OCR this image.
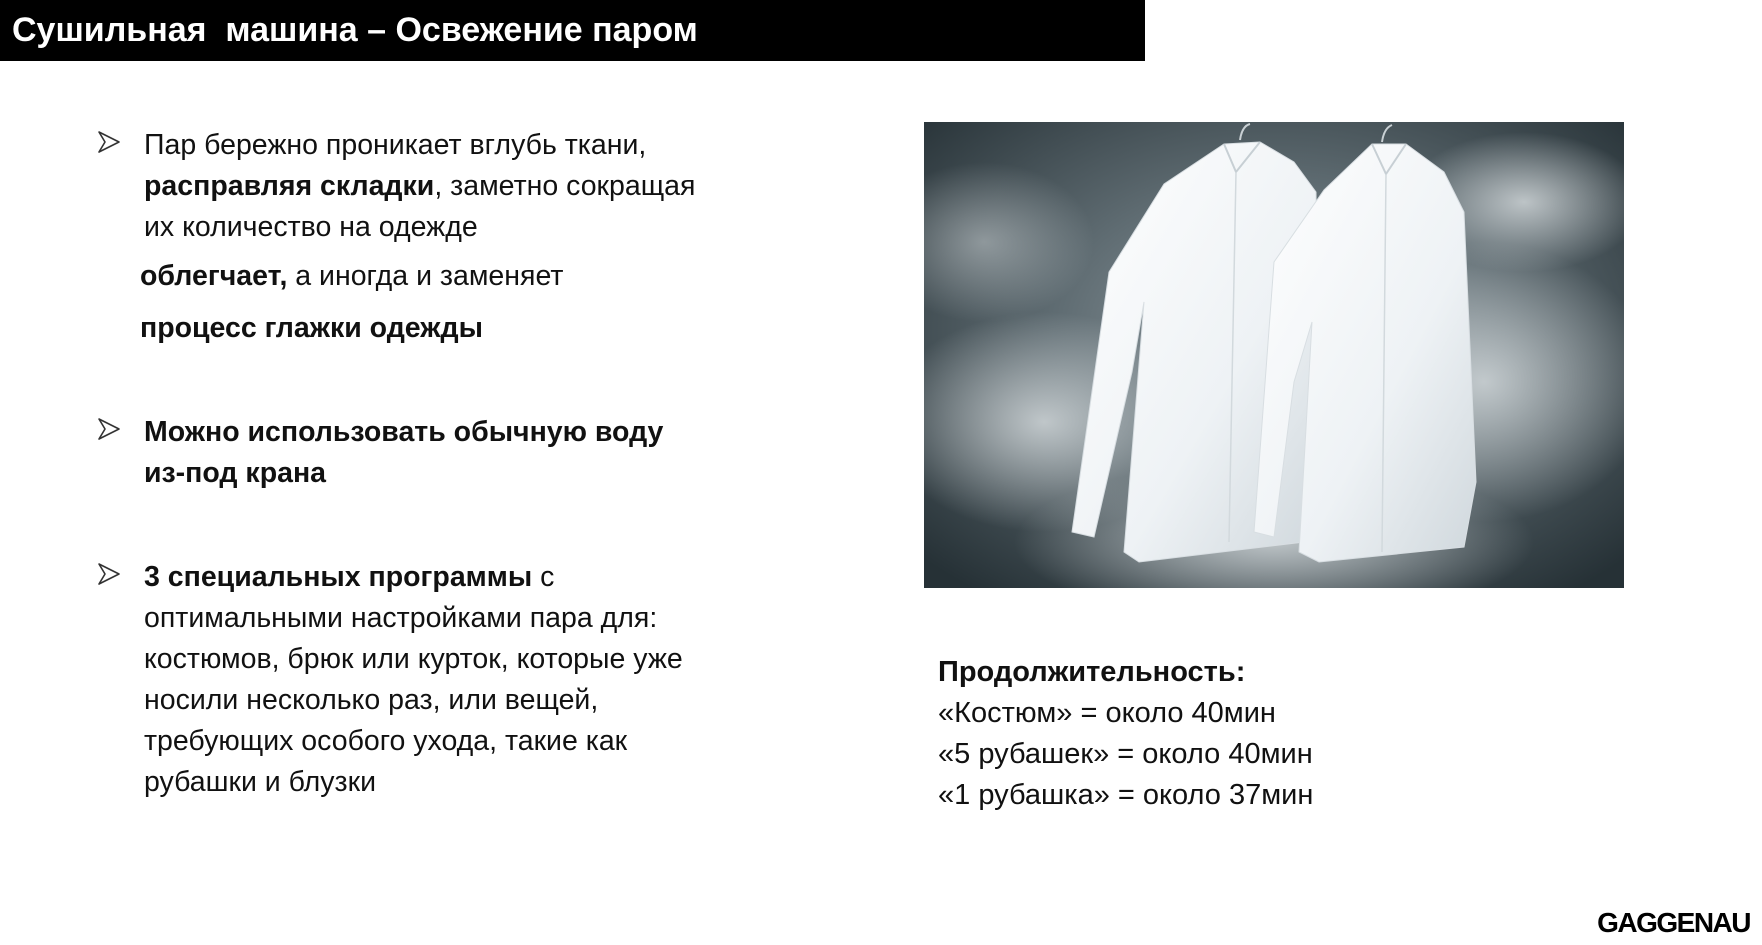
Сушильная  машина – Освежение паром
Пар бережно проникает вглубь ткани,
расправляя складки, заметно сокращая
их количество на одежде
облегчает, а иногда и заменяет
процесс глажки одежды
Можно использовать обычную воду
из-под крана
3 специальных программы с
оптимальными настройками пара для:
костюмов, брюк или курток, которые уже
носили несколько раз, или вещей,
требующих особого ухода, такие как
рубашки и блузки
Продолжительность:
«Костюм» = около 40мин
«5 рубашек» = около 40мин
«1 рубашка» = около 37мин
GAGGENAU
